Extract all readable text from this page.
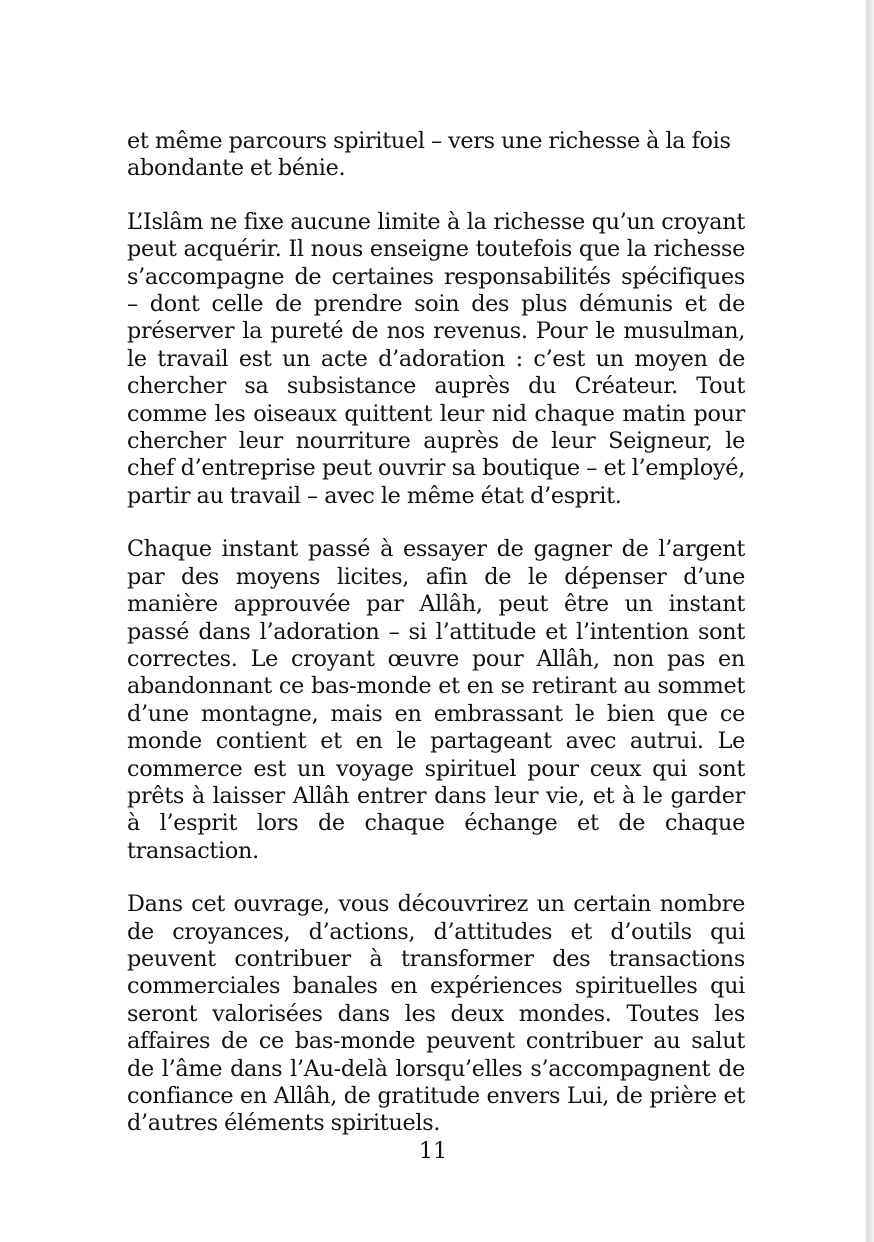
et même parcours spirituel – vers une richesse à la fois abondante et bénie.

L’Islâm ne fixe aucune limite à la richesse qu’un croyant peut acquérir. Il nous enseigne toutefois que la richesse s’accompagne de certaines responsabilités spécifiques – dont celle de prendre soin des plus démunis et de préserver la pureté de nos revenus. Pour le musulman, le travail est un acte d’adoration : c’est un moyen de chercher sa subsistance auprès du Créateur. Tout comme les oiseaux quittent leur nid chaque matin pour chercher leur nourriture auprès de leur Seigneur, le chef d’entreprise peut ouvrir sa boutique – et l’employé, partir au travail – avec le même état d’esprit.

Chaque instant passé à essayer de gagner de l’argent par des moyens licites, afin de le dépenser d’une manière approuvée par Allâh, peut être un instant passé dans l’adoration – si l’attitude et l’intention sont correctes. Le croyant œuvre pour Allâh, non pas en abandonnant ce bas-monde et en se retirant au sommet d’une montagne, mais en embrassant le bien que ce monde contient et en le partageant avec autrui. Le commerce est un voyage spirituel pour ceux qui sont prêts à laisser Allâh entrer dans leur vie, et à le garder à l’esprit lors de chaque échange et de chaque transaction.

Dans cet ouvrage, vous découvrirez un certain nombre de croyances, d’actions, d’attitudes et d’outils qui peuvent contribuer à transformer des transactions commerciales banales en expériences spirituelles qui seront valorisées dans les deux mondes. Toutes les affaires de ce bas-monde peuvent contribuer au salut de l’âme dans l’Au-delà lorsqu’elles s’accompagnent de confiance en Allâh, de gratitude envers Lui, de prière et d’autres éléments spirituels.

11
